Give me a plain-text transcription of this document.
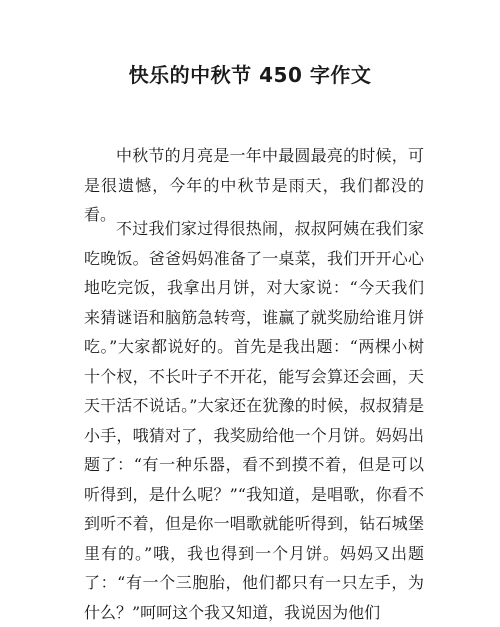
快乐的中秋节 450 字作文

中秋节的月亮是一年中最圆最亮的时候，可是很遗憾，今年的中秋节是雨天，我们都没的看。

不过我们家过得很热闹，叔叔阿姨在我们家吃晚饭。爸爸妈妈准备了一桌菜，我们开开心心地吃完饭，我拿出月饼，对大家说：“今天我们来猜谜语和脑筋急转弯，谁赢了就奖励给谁月饼吃。”大家都说好的。首先是我出题：“两棵小树十个杈，不长叶子不开花，能写会算还会画，天天干活不说话。”大家还在犹豫的时候，叔叔猜是小手，哦猜对了，我奖励给他一个月饼。妈妈出题了：“有一种乐器，看不到摸不着，但是可以听得到，是什么呢？”“我知道，是唱歌，你看不到听不着，但是你一唱歌就能听得到，钻石城堡里有的。”哦，我也得到一个月饼。妈妈又出题了：“有一个三胞胎，他们都只有一只左手，为什么？”呵呵这个我又知道，我说因为他们
